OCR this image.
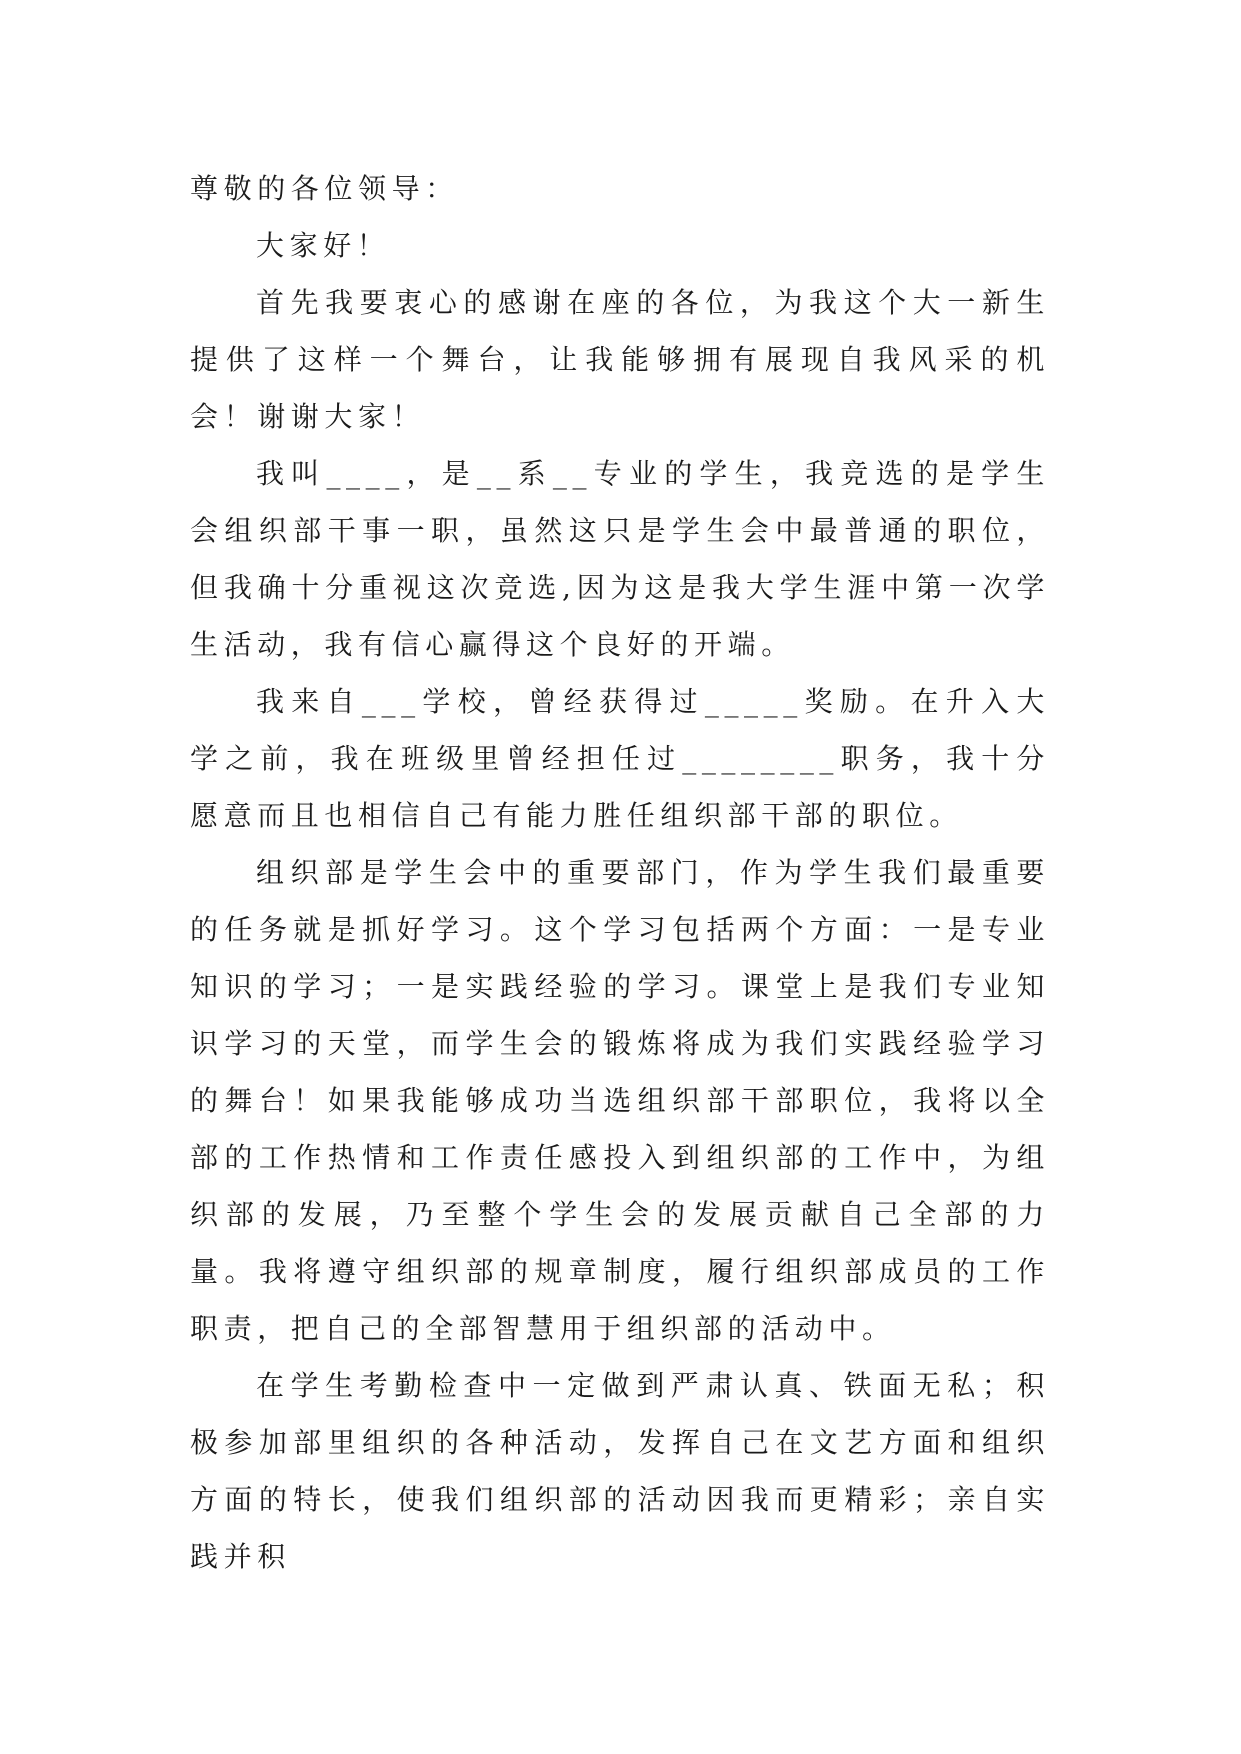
尊敬的各位领导：

大家好！

首先我要衷心的感谢在座的各位，为我这个大一新生提供了这样一个舞台，让我能够拥有展现自我风采的机会！谢谢大家！

我叫____，是__系__专业的学生，我竞选的是学生会组织部干事一职，虽然这只是学生会中最普通的职位，但我确十分重视这次竞选,因为这是我大学生涯中第一次学生活动，我有信心赢得这个良好的开端。

我来自___学校，曾经获得过_____奖励。在升入大学之前，我在班级里曾经担任过________职务，我十分愿意而且也相信自己有能力胜任组织部干部的职位。

组织部是学生会中的重要部门，作为学生我们最重要的任务就是抓好学习。这个学习包括两个方面：一是专业知识的学习；一是实践经验的学习。课堂上是我们专业知识学习的天堂，而学生会的锻炼将成为我们实践经验学习的舞台！如果我能够成功当选组织部干部职位，我将以全部的工作热情和工作责任感投入到组织部的工作中，为组织部的发展，乃至整个学生会的发展贡献自己全部的力量。我将遵守组织部的规章制度，履行组织部成员的工作职责，把自己的全部智慧用于组织部的活动中。

在学生考勤检查中一定做到严肃认真、铁面无私；积极参加部里组织的各种活动，发挥自己在文艺方面和组织方面的特长，使我们组织部的活动因我而更精彩；亲自实践并积
